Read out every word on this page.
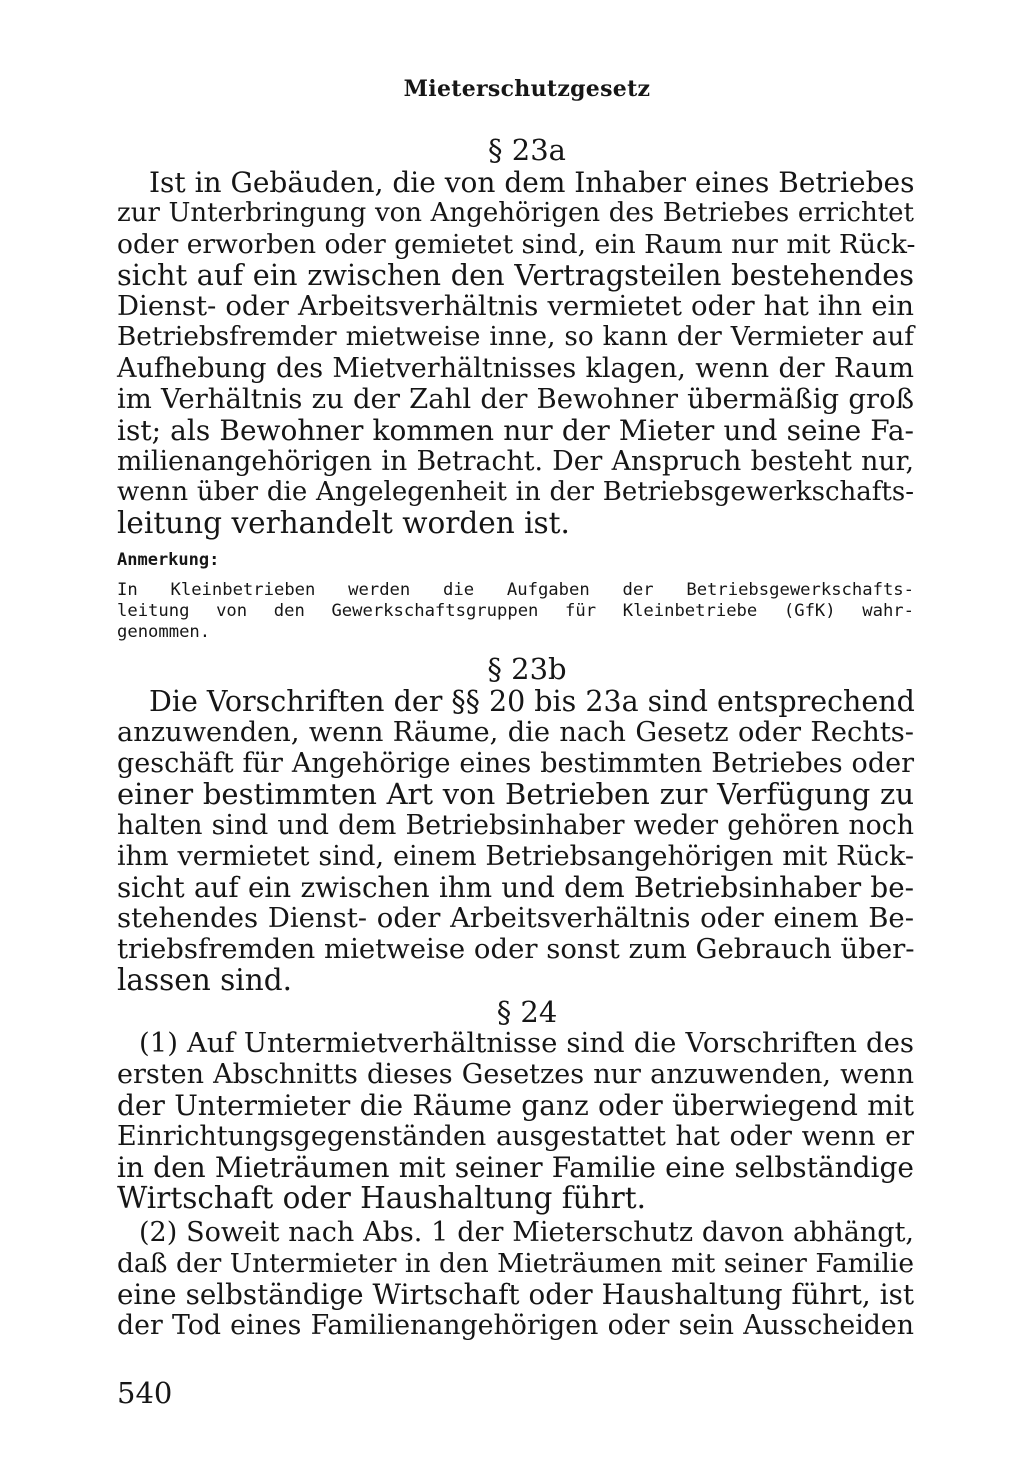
Mieterschutzgesetz
§ 23a
Ist in Gebäuden, die von dem Inhaber eines Betriebes
zur Unterbringung von Angehörigen des Betriebes errichtet
oder erworben oder gemietet sind, ein Raum nur mit Rück-
sicht auf ein zwischen den Vertragsteilen bestehendes
Dienst- oder Arbeitsverhältnis vermietet oder hat ihn ein
Betriebsfremder mietweise inne, so kann der Vermieter auf
Aufhebung des Mietverhältnisses klagen, wenn der Raum
im Verhältnis zu der Zahl der Bewohner übermäßig groß
ist; als Bewohner kommen nur der Mieter und seine Fa-
milienangehörigen in Betracht. Der Anspruch besteht nur,
wenn über die Angelegenheit in der Betriebsgewerkschafts-
leitung verhandelt worden ist.
Anmerkung:
In Kleinbetrieben werden die Aufgaben der Betriebsgewerkschafts-
leitung von den Gewerkschaftsgruppen für Kleinbetriebe (GfK) wahr-
genommen.
§ 23b
Die Vorschriften der §§ 20 bis 23a sind entsprechend
anzuwenden, wenn Räume, die nach Gesetz oder Rechts-
geschäft für Angehörige eines bestimmten Betriebes oder
einer bestimmten Art von Betrieben zur Verfügung zu
halten sind und dem Betriebsinhaber weder gehören noch
ihm vermietet sind, einem Betriebsangehörigen mit Rück-
sicht auf ein zwischen ihm und dem Betriebsinhaber be-
stehendes Dienst- oder Arbeitsverhältnis oder einem Be-
triebsfremden mietweise oder sonst zum Gebrauch über-
lassen sind.
§ 24
(1) Auf Untermietverhältnisse sind die Vorschriften des
ersten Abschnitts dieses Gesetzes nur anzuwenden, wenn
der Untermieter die Räume ganz oder überwiegend mit
Einrichtungsgegenständen ausgestattet hat oder wenn er
in den Mieträumen mit seiner Familie eine selbständige
Wirtschaft oder Haushaltung führt.
(2) Soweit nach Abs. 1 der Mieterschutz davon abhängt,
daß der Untermieter in den Mieträumen mit seiner Familie
eine selbständige Wirtschaft oder Haushaltung führt, ist
der Tod eines Familienangehörigen oder sein Ausscheiden
540
